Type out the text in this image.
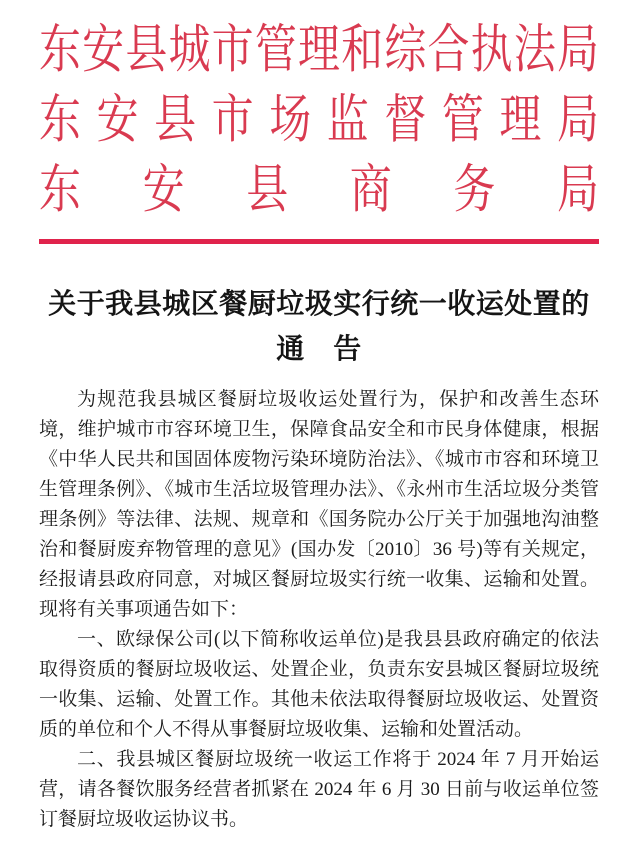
东安县城市管理和综合执法局
东安县市场监督管理局
东安县商务局
关于我县城区餐厨垃圾实行统一收运处置的
通　告

为规范我县城区餐厨垃圾收运处置行为，保护和改善生态环境，维护城市市容环境卫生，保障食品安全和市民身体健康，根据《中华人民共和国固体废物污染环境防治法》、《城市市容和环境卫生管理条例》、《城市生活垃圾管理办法》、《永州市生活垃圾分类管理条例》等法律、法规、规章和《国务院办公厅关于加强地沟油整治和餐厨废弃物管理的意见》(国办发〔2010〕36 号)等有关规定，经报请县政府同意，对城区餐厨垃圾实行统一收集、运输和处置。现将有关事项通告如下：

一、欧绿保公司(以下简称收运单位)是我县县政府确定的依法取得资质的餐厨垃圾收运、处置企业，负责东安县城区餐厨垃圾统一收集、运输、处置工作。其他未依法取得餐厨垃圾收运、处置资质的单位和个人不得从事餐厨垃圾收集、运输和处置活动。

二、我县城区餐厨垃圾统一收运工作将于 2024 年 7 月开始运营，请各餐饮服务经营者抓紧在 2024 年 6 月 30 日前与收运单位签订餐厨垃圾收运协议书。
